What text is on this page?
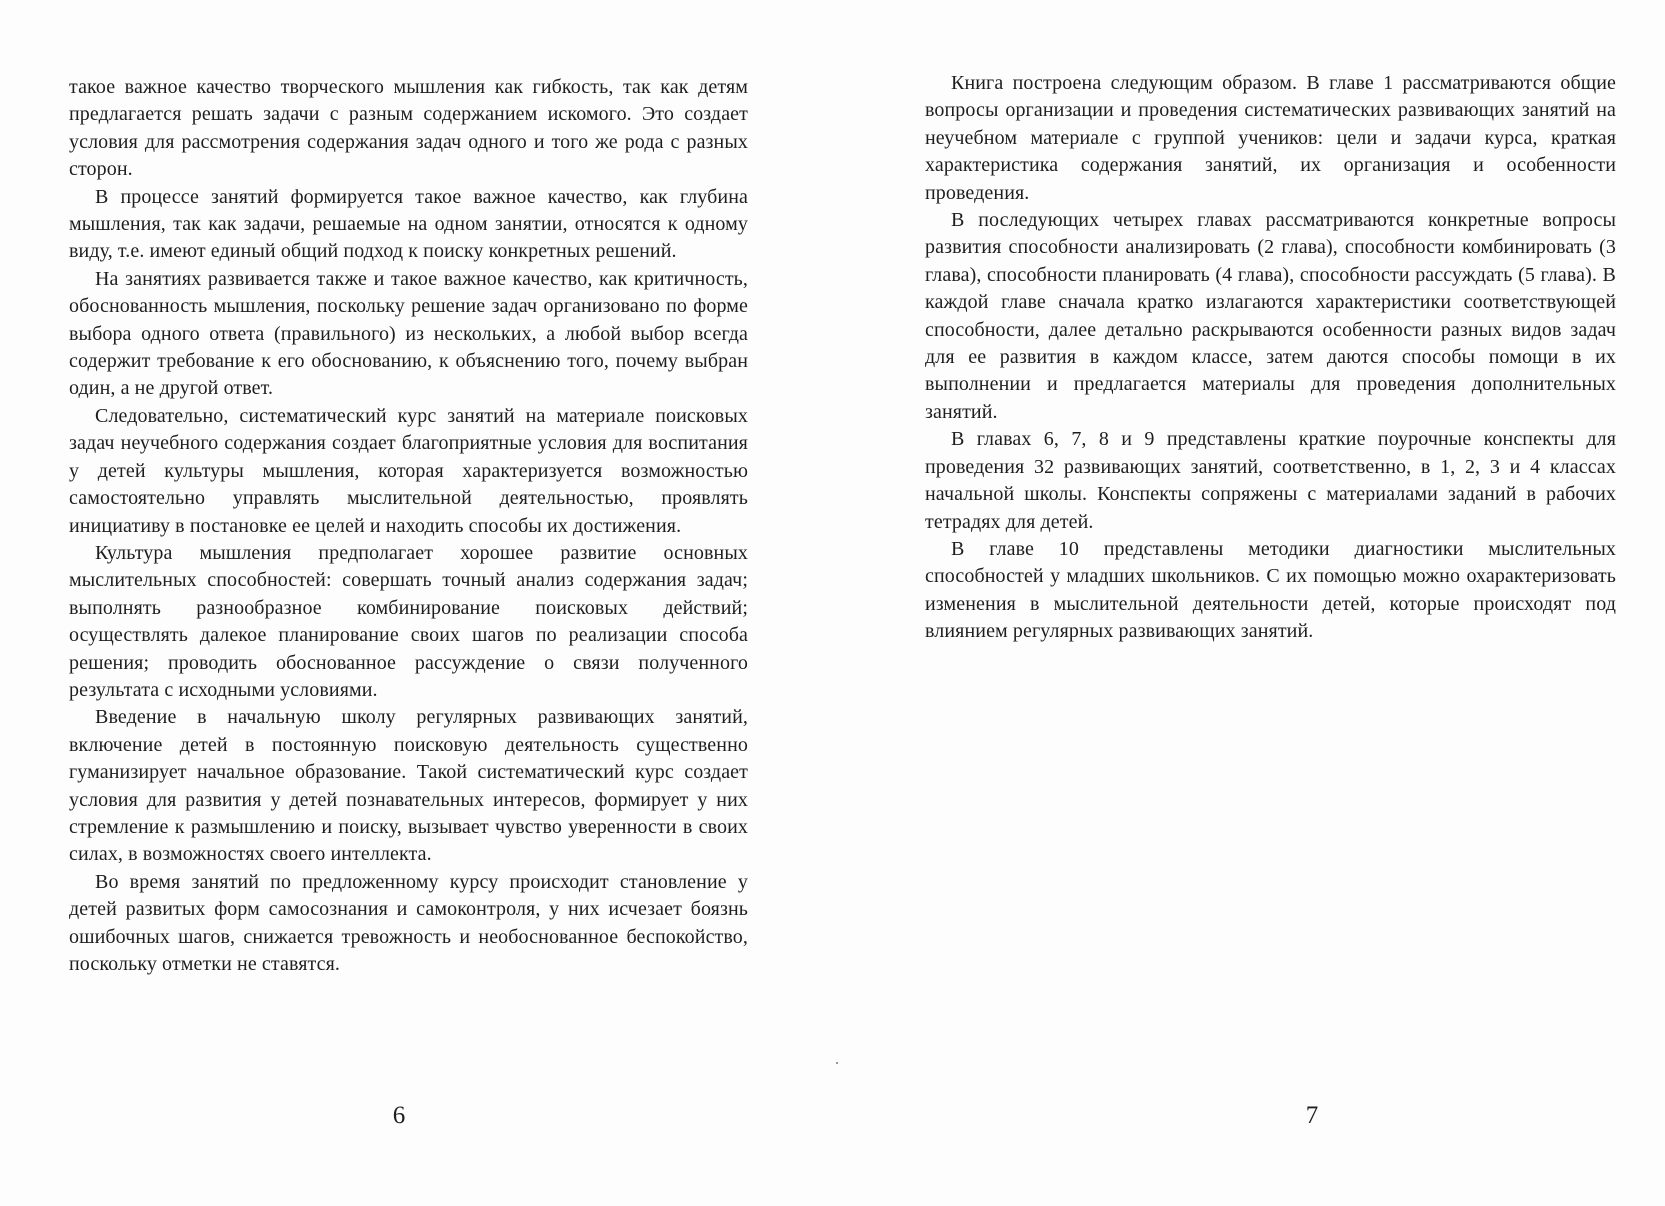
такое важное качество творческого мышления как гибкость, так как детям предлагается решать задачи с разным содержанием искомого. Это создает условия для рассмотрения содержания задач одного и того же рода с разных сторон.

В процессе занятий формируется такое важное качество, как глубина мышления, так как задачи, решаемые на одном занятии, относятся к одному виду, т.е. имеют единый общий подход к поиску конкретных решений.

На занятиях развивается также и такое важное качество, как критичность, обоснованность мышления, поскольку решение задач организовано по форме выбора одного ответа (правильного) из нескольких, а любой выбор всегда содержит требование к его обоснованию, к объяснению того, почему выбран один, а не другой ответ.

Следовательно, систематический курс занятий на материале поисковых задач неучебного содержания создает благоприятные условия для воспитания у детей культуры мышления, которая характеризуется возможностью самостоятельно управлять мыслительной деятельностью, проявлять инициативу в постановке ее целей и находить способы их достижения.

Культура мышления предполагает хорошее развитие основных мыслительных способностей: совершать точный анализ содержания задач; выполнять разнообразное комбинирование поисковых действий; осуществлять далекое планирование своих шагов по реализации способа решения; проводить обоснованное рассуждение о связи полученного результата с исходными условиями.

Введение в начальную школу регулярных развивающих занятий, включение детей в постоянную поисковую деятельность существенно гуманизирует начальное образование. Такой систематический курс создает условия для развития у детей познавательных интересов, формирует у них стремление к размышлению и поиску, вызывает чувство уверенности в своих силах, в возможностях своего интеллекта.

Во время занятий по предложенному курсу происходит становление у детей развитых форм самосознания и самоконтроля, у них исчезает боязнь ошибочных шагов, снижается тревожность и необоснованное беспокойство, поскольку отметки не ставятся.

6

Книга построена следующим образом. В главе 1 рассматриваются общие вопросы организации и проведения систематических развивающих занятий на неучебном материале с группой учеников: цели и задачи курса, краткая характеристика содержания занятий, их организация и особенности проведения.

В последующих четырех главах рассматриваются конкретные вопросы развития способности анализировать (2 глава), способности комбинировать (3 глава), способности планировать (4 глава), способности рассуждать (5 глава). В каждой главе сначала кратко излагаются характеристики соответствующей способности, далее детально раскрываются особенности разных видов задач для ее развития в каждом классе, затем даются способы помощи в их выполнении и предлагается материалы для проведения дополнительных занятий.

В главах 6, 7, 8 и 9 представлены краткие поурочные конспекты для проведения 32 развивающих занятий, соответственно, в 1, 2, 3 и 4 классах начальной школы. Конспекты сопряжены с материалами заданий в рабочих тетрадях для детей.

В главе 10 представлены методики диагностики мыслительных способностей у младших школьников. С их помощью можно охарактеризовать изменения в мыслительной деятельности детей, которые происходят под влиянием регулярных развивающих занятий.

7
